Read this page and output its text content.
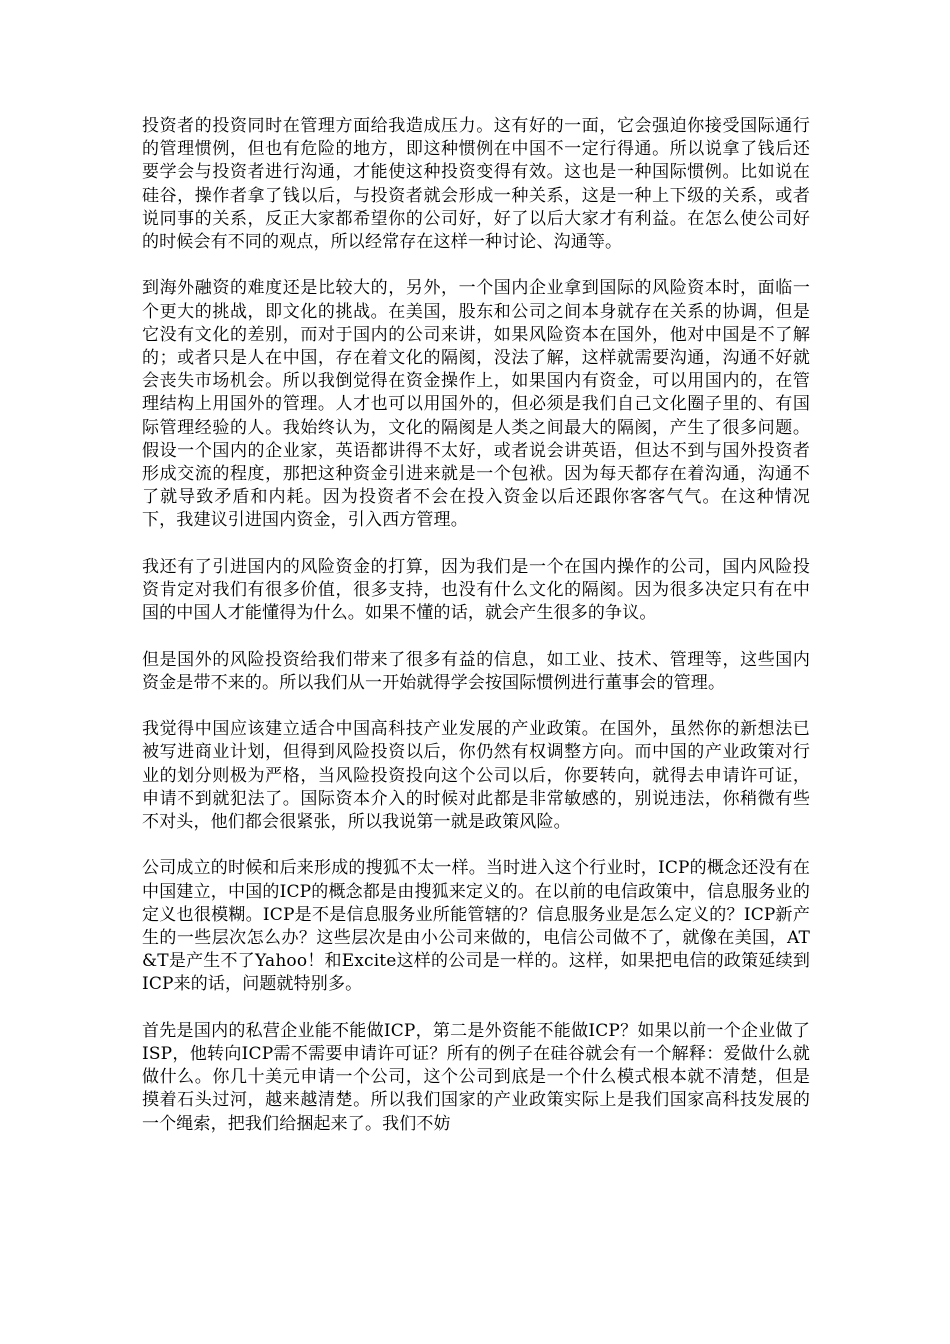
投资者的投资同时在管理方面给我造成压力。这有好的一面，它会强迫你接受国际通行的管理惯例，但也有危险的地方，即这种惯例在中国不一定行得通。所以说拿了钱后还要学会与投资者进行沟通，才能使这种投资变得有效。这也是一种国际惯例。比如说在硅谷，操作者拿了钱以后，与投资者就会形成一种关系，这是一种上下级的关系，或者说同事的关系，反正大家都希望你的公司好，好了以后大家才有利益。在怎么使公司好的时候会有不同的观点，所以经常存在这样一种讨论、沟通等。

到海外融资的难度还是比较大的，另外，一个国内企业拿到国际的风险资本时，面临一个更大的挑战，即文化的挑战。在美国，股东和公司之间本身就存在关系的协调，但是它没有文化的差别，而对于国内的公司来讲，如果风险资本在国外，他对中国是不了解的；或者只是人在中国，存在着文化的隔阂，没法了解，这样就需要沟通，沟通不好就会丧失市场机会。所以我倒觉得在资金操作上，如果国内有资金，可以用国内的，在管理结构上用国外的管理。人才也可以用国外的，但必须是我们自己文化圈子里的、有国际管理经验的人。我始终认为，文化的隔阂是人类之间最大的隔阂，产生了很多问题。假设一个国内的企业家，英语都讲得不太好，或者说会讲英语，但达不到与国外投资者形成交流的程度，那把这种资金引进来就是一个包袱。因为每天都存在着沟通，沟通不了就导致矛盾和内耗。因为投资者不会在投入资金以后还跟你客客气气。在这种情况下，我建议引进国内资金，引入西方管理。

我还有了引进国内的风险资金的打算，因为我们是一个在国内操作的公司，国内风险投资肯定对我们有很多价值，很多支持，也没有什么文化的隔阂。因为很多决定只有在中国的中国人才能懂得为什么。如果不懂的话，就会产生很多的争议。

但是国外的风险投资给我们带来了很多有益的信息，如工业、技术、管理等，这些国内资金是带不来的。所以我们从一开始就得学会按国际惯例进行董事会的管理。

我觉得中国应该建立适合中国高科技产业发展的产业政策。在国外，虽然你的新想法已被写进商业计划，但得到风险投资以后，你仍然有权调整方向。而中国的产业政策对行业的划分则极为严格，当风险投资投向这个公司以后，你要转向，就得去申请许可证，申请不到就犯法了。国际资本介入的时候对此都是非常敏感的，别说违法，你稍微有些不对头，他们都会很紧张，所以我说第一就是政策风险。

公司成立的时候和后来形成的搜狐不太一样。当时进入这个行业时，ICP的概念还没有在中国建立，中国的ICP的概念都是由搜狐来定义的。在以前的电信政策中，信息服务业的定义也很模糊。ICP是不是信息服务业所能管辖的？信息服务业是怎么定义的？ICP新产生的一些层次怎么办？这些层次是由小公司来做的，电信公司做不了，就像在美国，AT&T是产生不了Yahoo！和Excite这样的公司是一样的。这样，如果把电信的政策延续到ICP来的话，问题就特别多。

首先是国内的私营企业能不能做ICP，第二是外资能不能做ICP？如果以前一个企业做了ISP，他转向ICP需不需要申请许可证？所有的例子在硅谷就会有一个解释：爱做什么就做什么。你几十美元申请一个公司，这个公司到底是一个什么模式根本就不清楚，但是摸着石头过河，越来越清楚。所以我们国家的产业政策实际上是我们国家高科技发展的一个绳索，把我们给捆起来了。我们不妨
